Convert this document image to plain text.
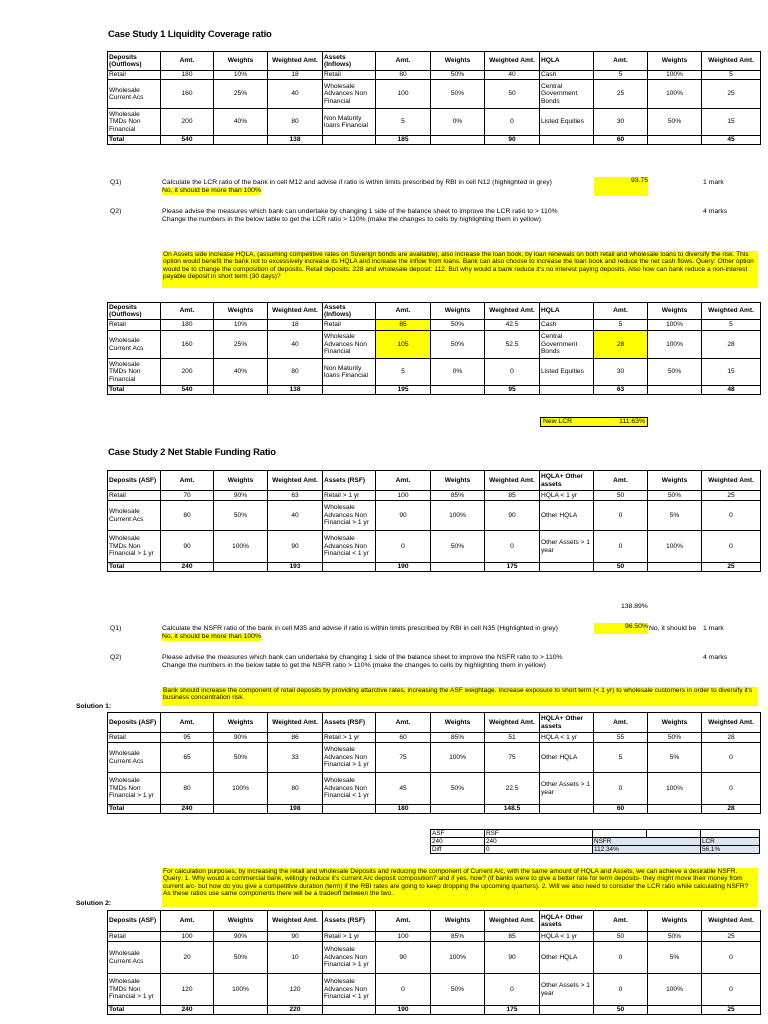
Case Study 1 Liquidity Coverage ratio
Deposits (Outflows)	Amt.	Weights	Weighted Amt.	Assets (Inflows)	Amt.	Weights	Weighted Amt.	HQLA	Amt.	Weights	Weighted Amt.
Retail	180	10%	18	Retail	80	50%	40	Cash	5	100%	5
Wholesale Current Acs	160	25%	40	Wholesale Advances Non Financial	100	50%	50	Central Government Bonds	25	100%	25
Wholesale TMDs Non Financial	200	40%	80	Non Maturity loans Financial	5	0%	0	Listed Equities	30	50%	15
Total	540		138		185		90		60		45
Q1)	Calculate the LCR ratio of the bank in cell M12 and advise if ratio is within limits prescribed by RBI in cell N12 (highlighted in grey)
No, it should be more than 100%
93.75	1 mark
Q2)	Please advise the measures which bank can undertake by changing 1 side of the balance sheet to improve the LCR ratio to > 110%
Change the numbers in the below table to get the LCR ratio > 110% (make the changes to cells by highlighting them in yellow)
4 marks
On Assets side increase HQLA, (assuming competitive rates on Soverign bonds are available), also increase the loan book, by loan renewals on both retail and wholesale loans to diversify the risk. This option would benefit the bank not to excessively increase its HQLA and increase the inflow from loans. Bank can also choose to increase the loan book and reduce the net cash flows. Query: Other option would be to change the composition of deposits. Retail deposits: 228 and wholesale deposit: 112. But why would a bank reduce it's no interest paying deposits. Also how can bank reduce a non-interest payable deposit in short term (30 days)?
Deposits (Outflows)	Amt.	Weights	Weighted Amt.	Assets (Inflows)	Amt.	Weights	Weighted Amt.	HQLA	Amt.	Weights	Weighted Amt.
Retail	180	10%	18	Retail	85	50%	42.5	Cash	5	100%	5
Wholesale Current Acs	160	25%	40	Wholesale Advances Non Financial	105	50%	52.5	Central Government Bonds	28	100%	28
Wholesale TMDs Non Financial	200	40%	80	Non Maturity loans Financial	5	0%	0	Listed Equities	30	50%	15
Total	540		138		195		95		63		48
New LCR	111.63%
Case Study 2 Net Stable Funding Ratio
Deposits (ASF)	Amt.	Weights	Weighted Amt.	Assets (RSF)	Amt.	Weights	Weighted Amt.	HQLA+ Other assets	Amt.	Weights	Weighted Amt.
Retail	70	90%	63	Retail > 1 yr	100	85%	85	HQLA < 1 yr	50	50%	25
Wholesale Current Acs	80	50%	40	Wholesale Advances Non Financial > 1 yr	90	100%	90	Other HQLA	0	5%	0
Wholesale TMDs Non Financial > 1 yr	90	100%	90	Wholesale Advances Non Financial < 1 yr	0	50%	0	Other Assets > 1 year	0	100%	0
Total	240		193		190		175		50		25
138.89%
Q1)	Calculate the NSFR ratio of the bank in cell M35 and advise if ratio is within limits prescribed by RBI in cell N35 (Highlighted in grey)
No, it should be more than 100%
96.50% No, it should be 1 mark
Q2)	Please advise the measures which bank can undertake by changing 1 side of the balance sheet to improve the NSFR ratio to > 110%
Change the numbers in the below table to get the NSFR ratio > 110% (make the changes to cells by highlighting them in yellow)
4 marks
Solution 1:
Bank should increase the component of retail deposits by providing attarctive rates, increasing the ASF weightage. Increase exposure to short term (< 1 yr) to wholesale customers in order to diversify it's business concentration risk.
Deposits (ASF)	Amt.	Weights	Weighted Amt.	Assets (RSF)	Amt.	Weights	Weighted Amt.	HQLA+ Other assets	Amt.	Weights	Weighted Amt.
Retail	95	90%	86	Retail > 1 yr	60	85%	51	HQLA < 1 yr	55	50%	28
Wholesale Current Acs	65	50%	33	Wholesale Advances Non Financial > 1 yr	75	100%	75	Other HQLA	5	5%	0
Wholesale TMDs Non Financial > 1 yr	80	100%	80	Wholesale Advances Non Financial < 1 yr	45	50%	22.5	Other Assets > 1 year	0	100%	0
Total	240		198		180		148.5		60		28
ASF	RSF			
240	240	NSFR		LCR
Diff	0	112.34%		56.1%
Solution 2:
For calculation purposes, by increasing the retail and wholesale Deposits and reducing the component of Current A/c, with the same amount of HQLA and Assets, we can achieve a desirable NSFR. Query: 1. Why would a commercial bank, willingly reduce it's current A/c deposit composition? and if yes, how? (If banks were to give a better rate for term deposits- they might move their money from current a/c- but how do you give a competitive duration (term) if the RBI rates are going to keep dropping the upcoming quarters). 2. Will we also need to consider the LCR ratio while calculating NSFR? As these ratios use same components there will be a tradeoff between the two.
Deposits (ASF)	Amt.	Weights	Weighted Amt.	Assets (RSF)	Amt.	Weights	Weighted Amt.	HQLA+ Other assets	Amt.	Weights	Weighted Amt.
Retail	100	90%	90	Retail > 1 yr	100	85%	85	HQLA < 1 yr	50	50%	25
Wholesale Current Acs	20	50%	10	Wholesale Advances Non Financial > 1 yr	90	100%	90	Other HQLA	0	5%	0
Wholesale TMDs Non Financial > 1 yr	120	100%	120	Wholesale Advances Non Financial < 1 yr	0	50%	0	Other Assets > 1 year	0	100%	0
Total	240		220		190		175		50		25
